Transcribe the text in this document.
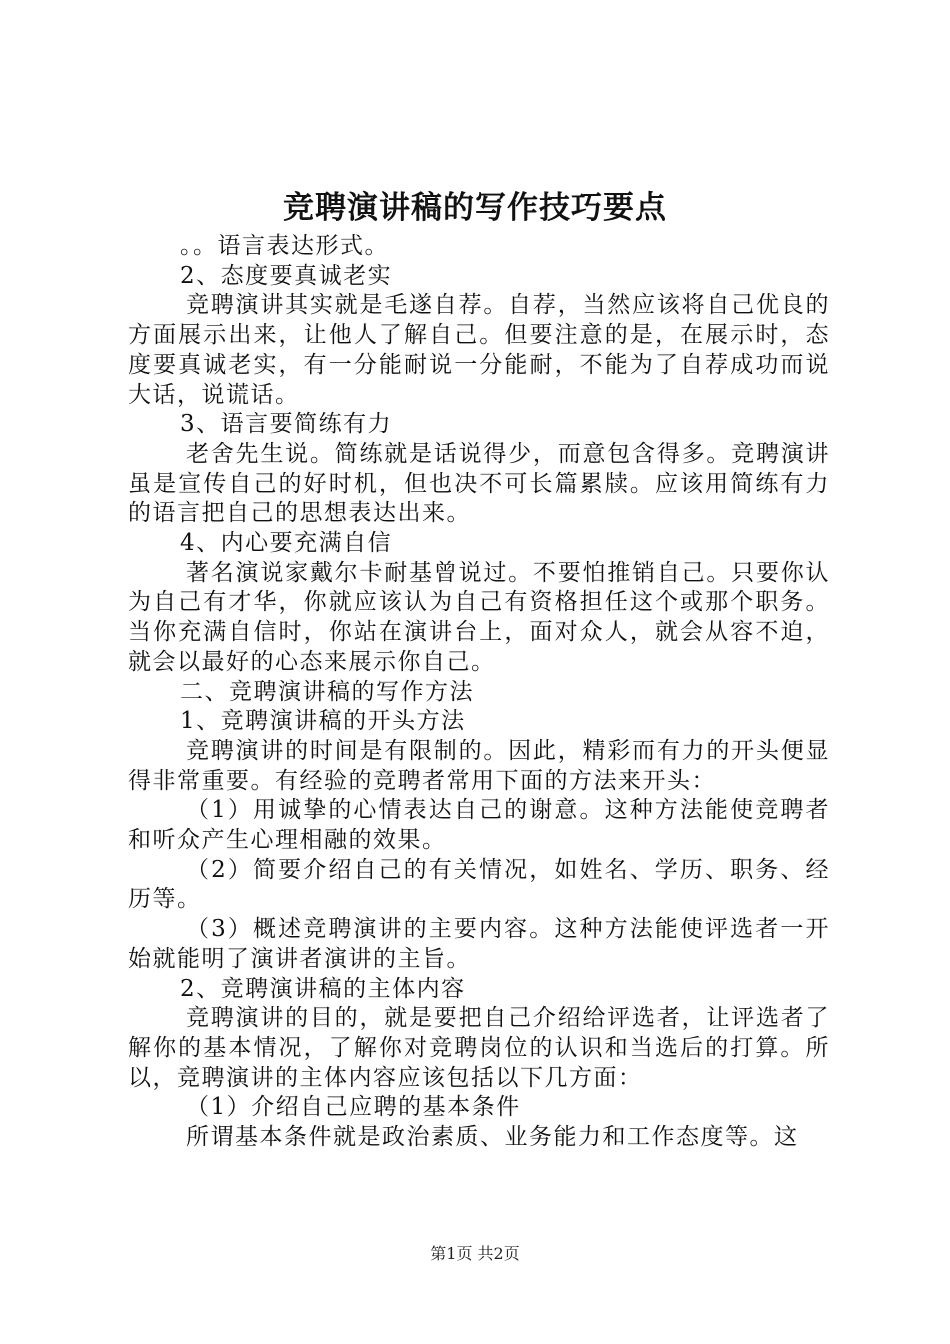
竞聘演讲稿的写作技巧要点

。。语言表达形式。

2、态度要真诚老实

竞聘演讲其实就是毛遂自荐。自荐，当然应该将自己优良的方面展示出来，让他人了解自己。但要注意的是，在展示时，态度要真诚老实，有一分能耐说一分能耐，不能为了自荐成功而说大话，说谎话。

3、语言要简练有力

老舍先生说。简练就是话说得少，而意包含得多。竞聘演讲虽是宣传自己的好时机，但也决不可长篇累牍。应该用简练有力的语言把自己的思想表达出来。

4、内心要充满自信

著名演说家戴尔卡耐基曾说过。不要怕推销自己。只要你认为自己有才华，你就应该认为自己有资格担任这个或那个职务。当你充满自信时，你站在演讲台上，面对众人，就会从容不迫，就会以最好的心态来展示你自己。

二、竞聘演讲稿的写作方法

1、竞聘演讲稿的开头方法

竞聘演讲的时间是有限制的。因此，精彩而有力的开头便显得非常重要。有经验的竞聘者常用下面的方法来开头：

（1）用诚挚的心情表达自己的谢意。这种方法能使竞聘者和听众产生心理相融的效果。

（2）简要介绍自己的有关情况，如姓名、学历、职务、经历等。

（3）概述竞聘演讲的主要内容。这种方法能使评选者一开始就能明了演讲者演讲的主旨。

2、竞聘演讲稿的主体内容

竞聘演讲的目的，就是要把自己介绍给评选者，让评选者了解你的基本情况，了解你对竞聘岗位的认识和当选后的打算。所以，竞聘演讲的主体内容应该包括以下几方面：

（1）介绍自己应聘的基本条件

所谓基本条件就是政治素质、业务能力和工作态度等。这

第1页 共2页
